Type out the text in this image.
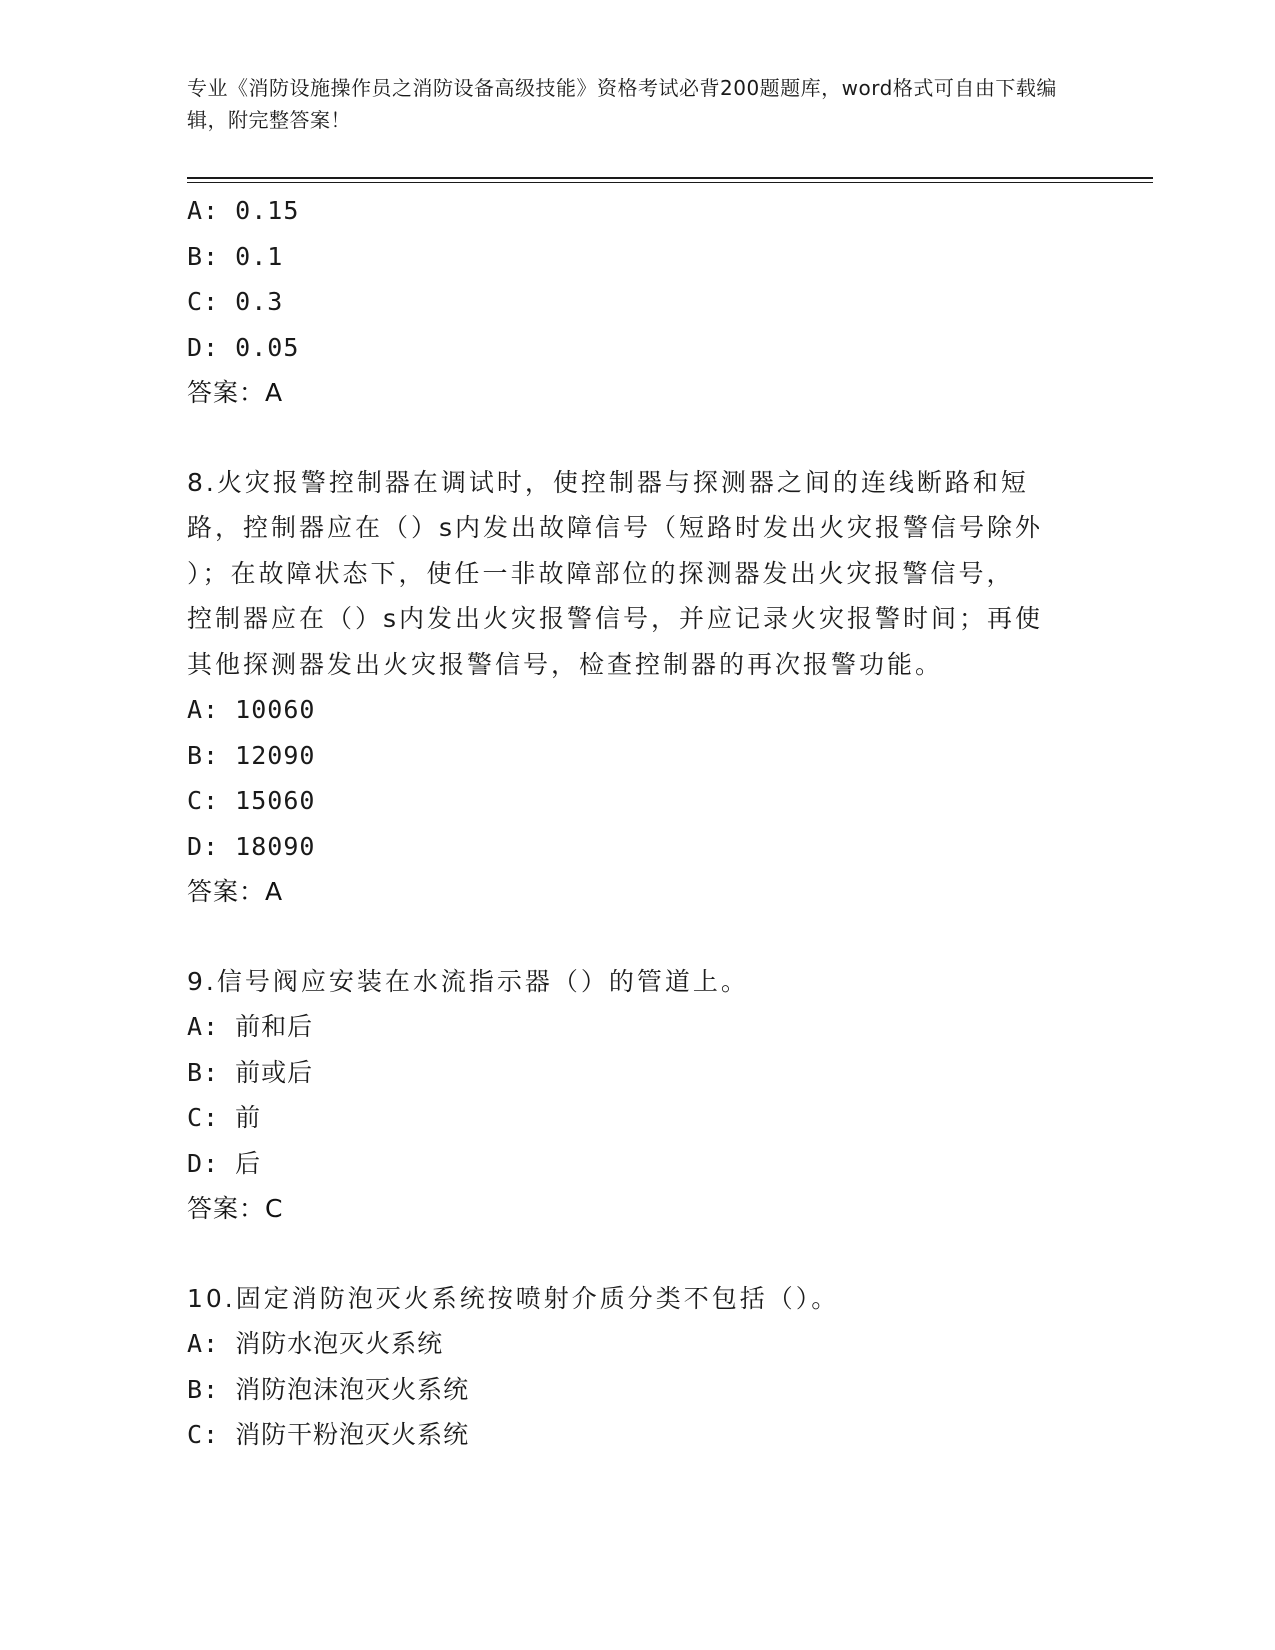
专业《消防设施操作员之消防设备高级技能》资格考试必背200题题库，word格式可自由下载编辑，附完整答案！
A: 0.15
B: 0.1
C: 0.3
D: 0.05
答案：A
8.火灾报警控制器在调试时，使控制器与探测器之间的连线断路和短
路，控制器应在（）s内发出故障信号（短路时发出火灾报警信号除外
）；在故障状态下，使任一非故障部位的探测器发出火灾报警信号，
控制器应在（）s内发出火灾报警信号，并应记录火灾报警时间；再使
其他探测器发出火灾报警信号，检查控制器的再次报警功能。
A: 10060
B: 12090
C: 15060
D: 18090
答案：A
9.信号阀应安装在水流指示器（）的管道上。
A: 前和后
B: 前或后
C: 前
D: 后
答案：C
10.固定消防泡灭火系统按喷射介质分类不包括（）。
A: 消防水泡灭火系统
B: 消防泡沫泡灭火系统
C: 消防干粉泡灭火系统
